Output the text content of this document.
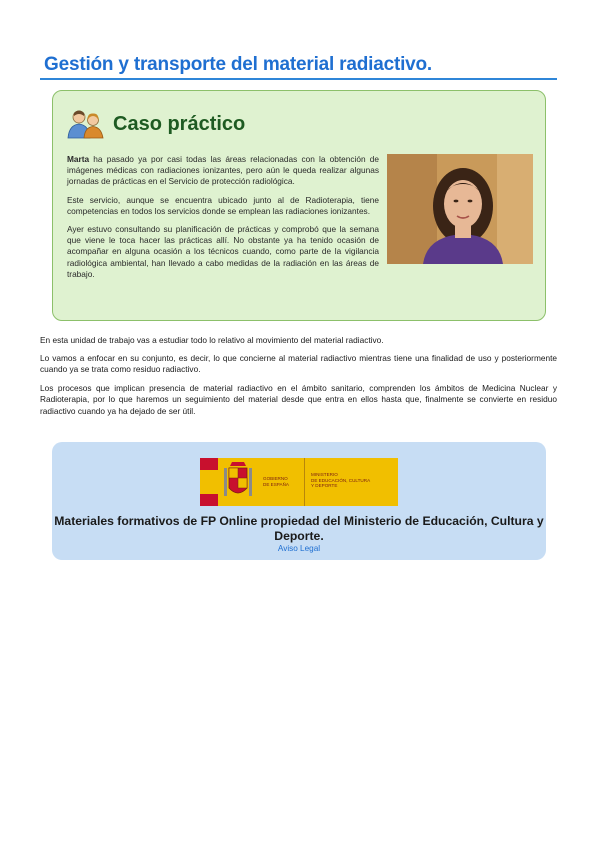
Gestión y transporte del material radiactivo.
Caso práctico

Marta ha pasado ya por casi todas las áreas relacionadas con la obtención de imágenes médicas con radiaciones ionizantes, pero aún le queda realizar algunas jornadas de prácticas en el Servicio de protección radiológica.

Este servicio, aunque se encuentra ubicado junto al de Radioterapia, tiene competencias en todos los servicios donde se emplean las radiaciones ionizantes.

Ayer estuvo consultando su planificación de prácticas y comprobó que la semana que viene le toca hacer las prácticas allí. No obstante ya ha tenido ocasión de acompañar en alguna ocasión a los técnicos cuando, como parte de la vigilancia radiológica ambiental, han llevado a cabo medidas de la radiación en las áreas de trabajo.

En esta unidad de trabajo vas a estudiar todo lo relativo al movimiento del material radiactivo.

Lo vamos a enfocar en su conjunto, es decir, lo que concierne al material radiactivo mientras tiene una finalidad de uso y posteriormente cuando ya se trata como residuo radiactivo.

Los procesos que implican presencia de material radiactivo en el ámbito sanitario, comprenden los ámbitos de Medicina Nuclear y Radioterapia, por lo que haremos un seguimiento del material desde que entra en ellos hasta que, finalmente se convierte en residuo radiactivo cuando ya ha dejado de ser útil.

GOBIERNO
DE ESPAÑA
MINISTERIO
DE EDUCACIÓN, CULTURA
Y DEPORTE
Materiales formativos de FP Online propiedad del Ministerio de Educación, Cultura y Deporte.
Aviso Legal
